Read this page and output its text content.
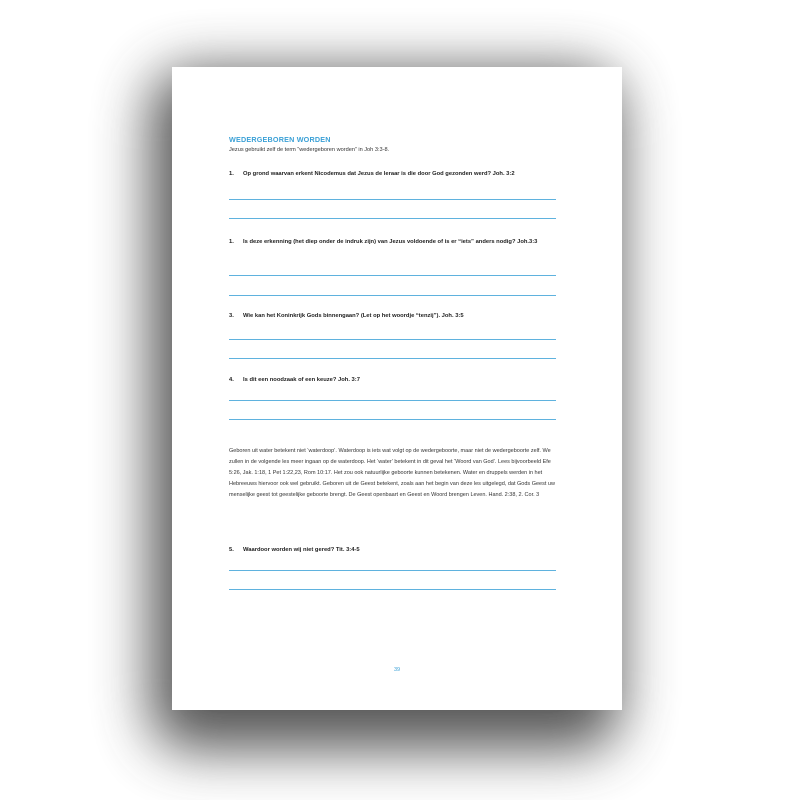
WEDERGEBOREN WORDEN
Jezus gebruikt zelf de term “wedergeboren worden” in Joh 3:3-8.
1. Op grond waarvan erkent Nicodemus dat Jezus de leraar is die door God gezonden werd? Joh. 3:2
1. Is deze erkenning (het diep onder de indruk zijn) van Jezus voldoende of is er “iets” anders nodig? Joh.3:3
3. Wie kan het Koninkrijk Gods binnengaan? (Let op het woordje “tenzij”). Joh. 3:5
4. Is dit een noodzaak of een keuze? Joh. 3:7
Geboren uit water betekent niet ‘waterdoop’. Waterdoop is iets wat volgt op de wedergeboorte, maar niet de wedergeboorte zelf. We zullen in de volgende les meer ingaan op de waterdoop. Het ‘water’ betekent in dit geval het ‘Woord van God’. Lees bijvoorbeeld Efe 5:26, Jak. 1:18, 1 Pet 1:22,23, Rom 10:17. Het zou ook natuurlijke geboorte kunnen betekenen. Water en druppels werden in het Hebreeuws hiervoor ook wel gebruikt. Geboren uit de Geest betekent, zoals aan het begin van deze les uitgelegd, dat Gods Geest uw menselijke geest tot geestelijke geboorte brengt. De Geest openbaart en Geest en Woord brengen Leven. Hand. 2:38, 2. Cor. 3
5. Waardoor worden wij niet gered? Tit. 3:4-5
39
